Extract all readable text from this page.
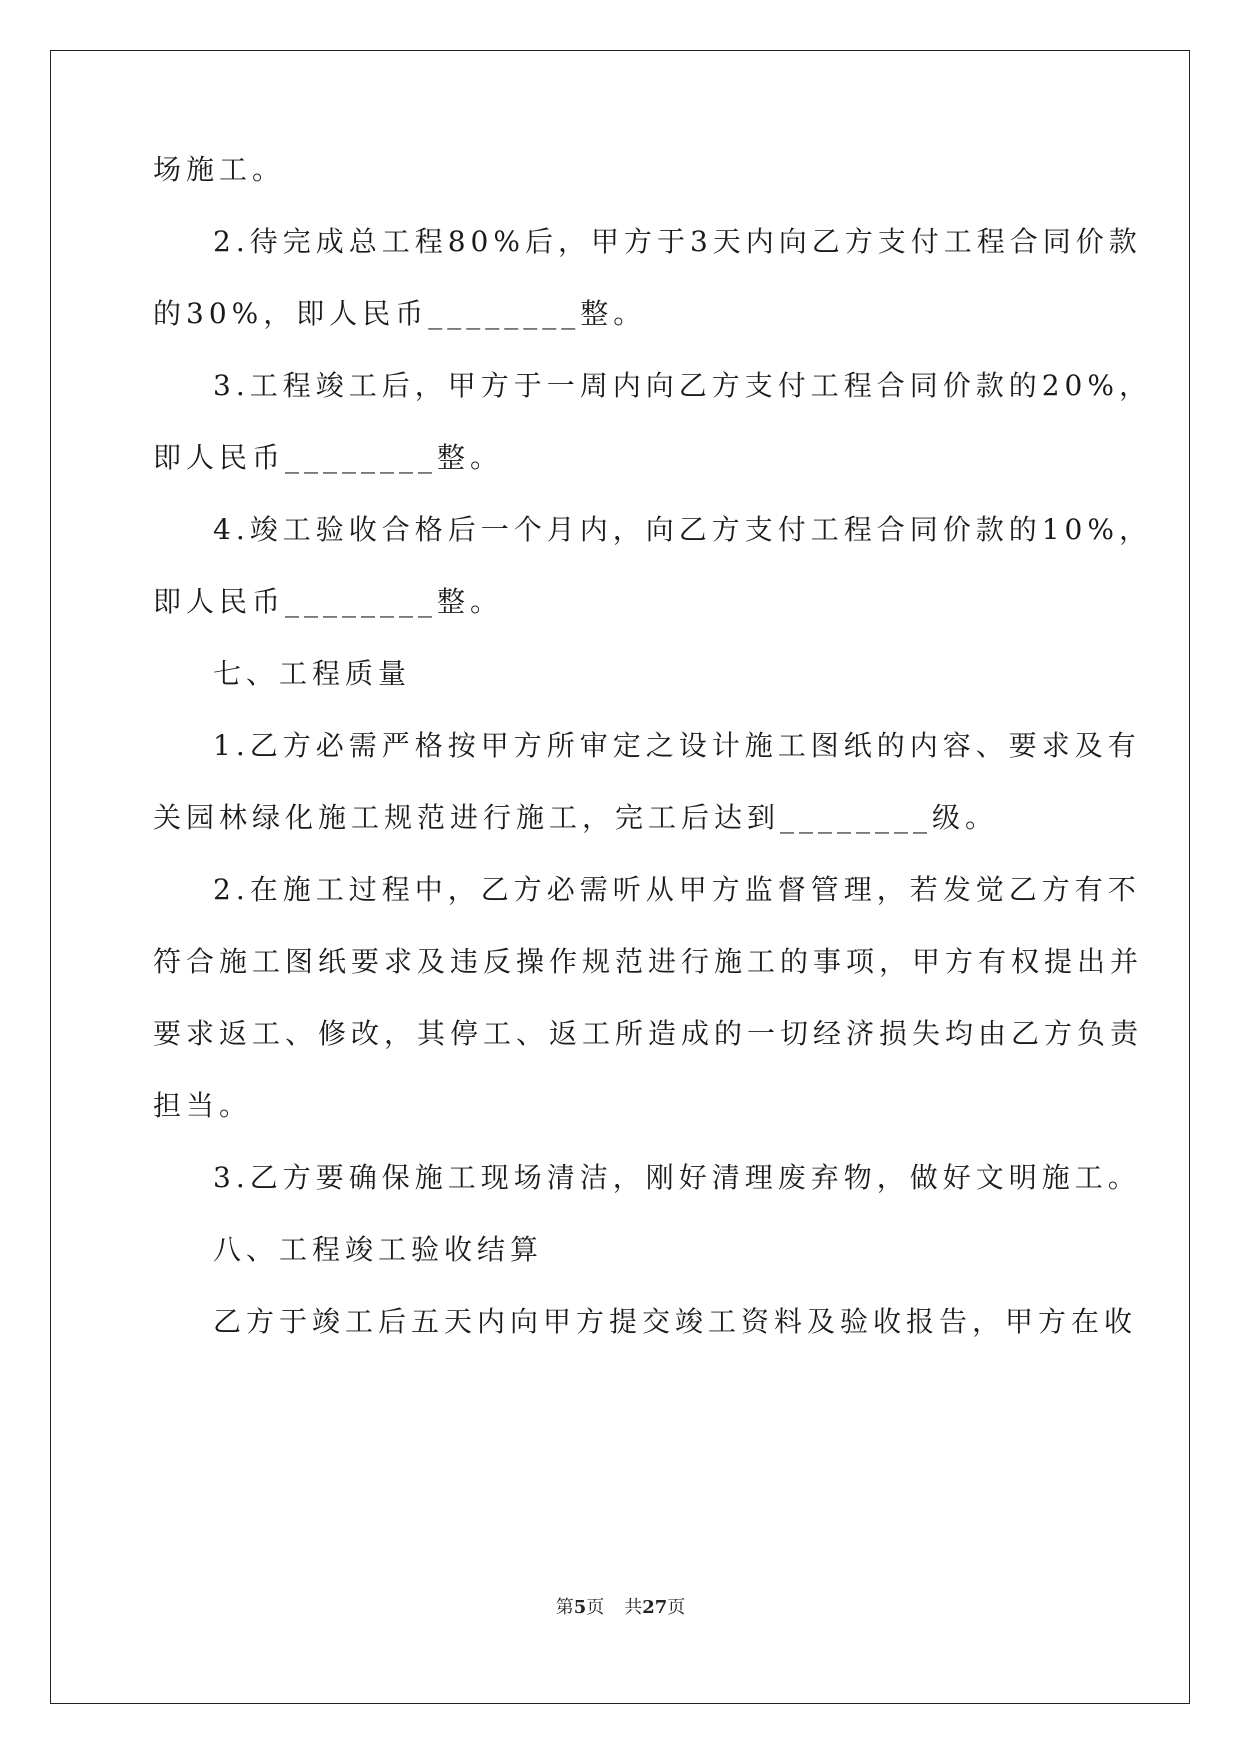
场施工。
2.待完成总工程80%后，甲方于3天内向乙方支付工程合同价款
的30%，即人民币________整。
3.工程竣工后，甲方于一周内向乙方支付工程合同价款的20%，
即人民币________整。
4.竣工验收合格后一个月内，向乙方支付工程合同价款的10%，
即人民币________整。
七、工程质量
1.乙方必需严格按甲方所审定之设计施工图纸的内容、要求及有
关园林绿化施工规范进行施工，完工后达到________级。
2.在施工过程中，乙方必需听从甲方监督管理，若发觉乙方有不
符合施工图纸要求及违反操作规范进行施工的事项，甲方有权提出并
要求返工、修改，其停工、返工所造成的一切经济损失均由乙方负责
担当。
3.乙方要确保施工现场清洁，刚好清理废弃物，做好文明施工。
八、工程竣工验收结算
乙方于竣工后五天内向甲方提交竣工资料及验收报告，甲方在收
第5页 共27页
